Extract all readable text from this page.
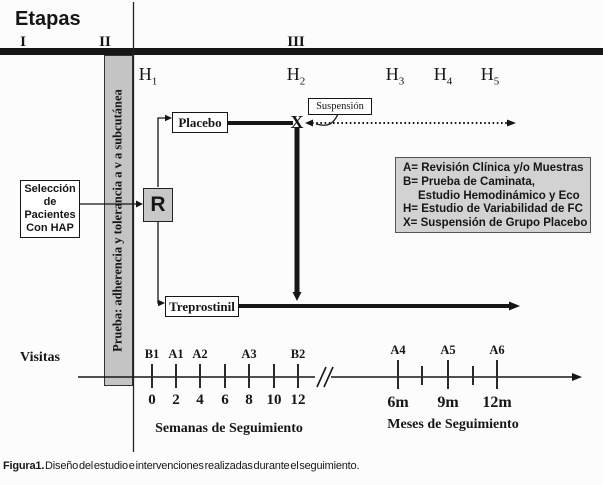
Etapas
I	II	III
$H_1$	$H_2$	$H_3$	$H_4$	$H_5$
Prueba: adherencia y tolerancia a v a subcutánea
Selección
de
Pacientes
Con HAP
R
Placebo
Treprostinil
Suspensión
X
A= Revisión Clínica y/o Muestras
B= Prueba de Caminata,
Estudio Hemodinámico y Eco
H= Estudio de Variabilidad de FC
X= Suspensión de Grupo Placebo
Visitas	B1
0
A1
2
A2
4	6
A3
8 10
B2
12
A4
6m
A5
9m
A6
12m
Semanas de Seguimiento	Meses de Seguimiento
Figura1. Diseño del estudio e intervenciones realizadas durante el seguimiento.
